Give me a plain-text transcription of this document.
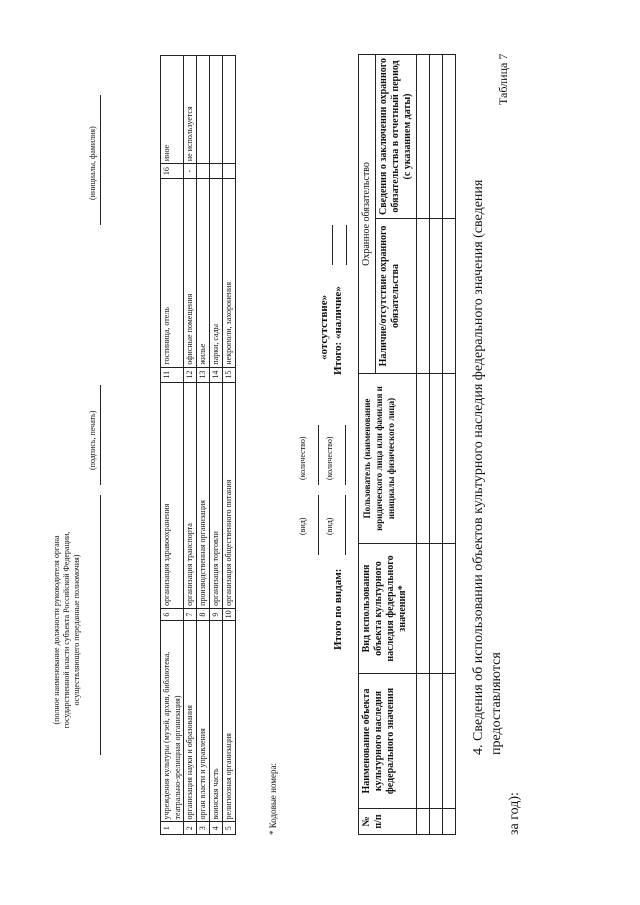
Таблица 7
4. Сведения об использовании объектов культурного наследия федерального значения (сведения предоставляются
за год):
№ п/п	Наименование объекта культурного наследия федерального значения	Вид использования объекта культурного наследия федерального значения*	Пользователь (наименование юридического лица или фамилия и инициалы физического лица)	Охранное обязательство	
				Наличие/отсутствие охранного обязательства	Сведения о заключении охранного обязательства в отчетный период (с указанием даты)

Итого по видам:
(вид)
(количество)
(вид)
(количество)
Итого: «наличие»
«отсутствие»
* Кодовые номера:
1	учреждения культуры (музей, архив, библиотека, театрально-зрелищная организация)	6	организация здравоохранения	11	гостиница, отель	16	иное
2	организация науки и образования	7	организация транспорта	12	офисные помещения	-	не используется
3	орган власти и управления	8	производственная организация	13	жилье		
4	воинская часть	9	организация торговли	14	парки, сады		
5	религиозная организация	10	организация общественного питания	15	некрополи, захоронения		
(полное наименование должности руководителя органа государственной власти субъекта Российской Федерации, осуществляющего переданные полномочия)
(подпись, печать)
(инициалы, фамилия)
